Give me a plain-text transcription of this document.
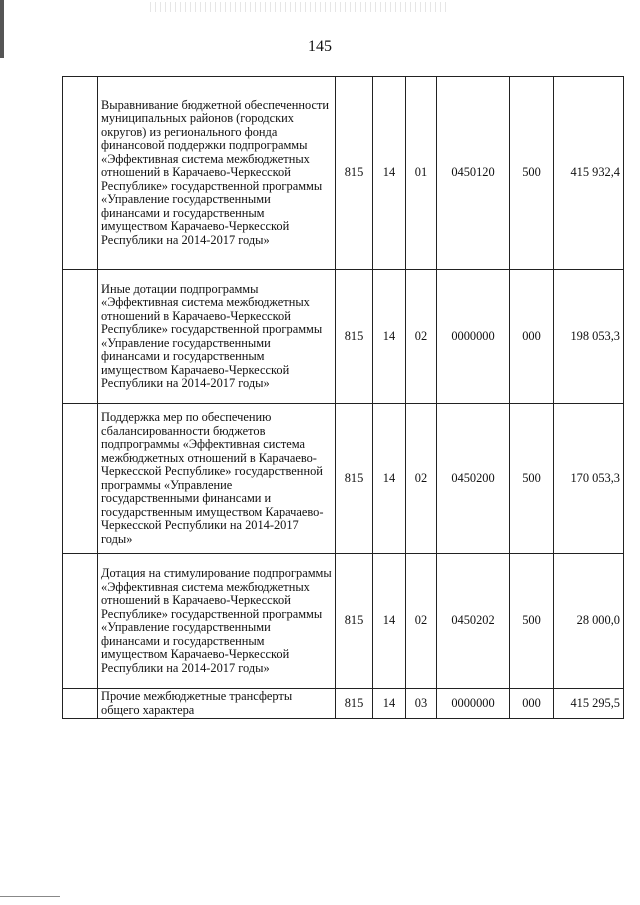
145
	Выравнивание бюджетной обеспеченности муниципальных районов (городских округов) из регионального фонда финансовой поддержки подпрограммы «Эффективная система межбюджетных отношений в Карачаево-Черкесской Республике» государственной программы «Управление государственными финансами и государственным имуществом Карачаево-Черкесской Республики на 2014-2017 годы»	815	14	01	0450120	500	415 932,4
	Иные дотации подпрограммы «Эффективная система межбюджетных отношений в Карачаево-Черкесской Республике» государственной программы «Управление государственными финансами и государственным имуществом Карачаево-Черкесской Республики на 2014-2017 годы»	815	14	02	0000000	000	198 053,3
	Поддержка мер по обеспечению сбалансированности бюджетов подпрограммы «Эффективная система межбюджетных отношений в Карачаево-Черкесской Республике» государственной программы «Управление государственными финансами и государственным имуществом Карачаево-Черкесской Республики на 2014-2017 годы»	815	14	02	0450200	500	170 053,3
	Дотация на стимулирование подпрограммы «Эффективная система межбюджетных отношений в Карачаево-Черкесской Республике» государственной программы «Управление государственными финансами и государственным имуществом Карачаево-Черкесской Республики на 2014-2017 годы»	815	14	02	0450202	500	28 000,0
	Прочие межбюджетные трансферты общего характера	815	14	03	0000000	000	415 295,5
